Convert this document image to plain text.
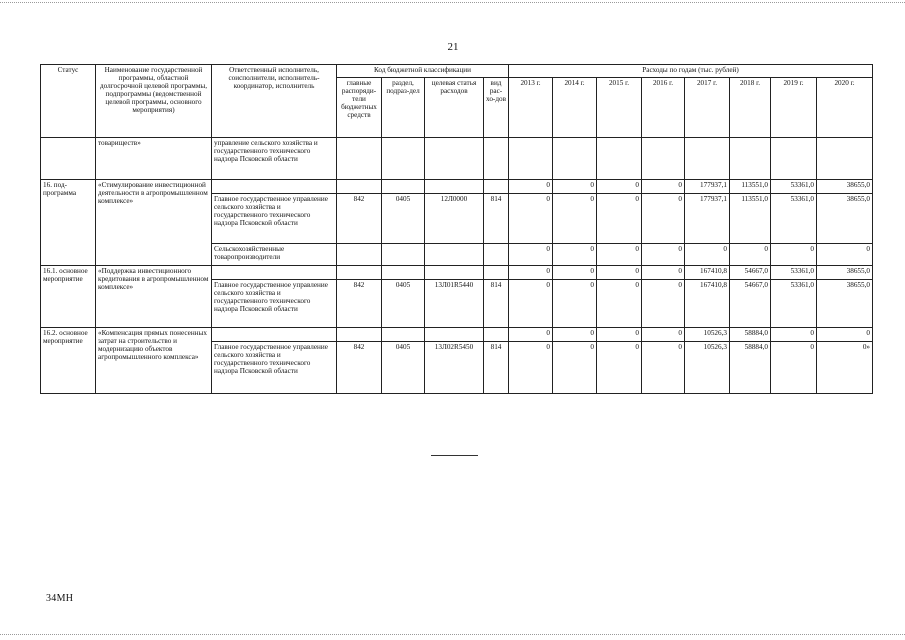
21
Статус	Наименование государственной программы, областной долгосрочной целевой программы, подпрограммы (ведомственной целевой программы, основного мероприятия)	Ответственный исполнитель, соисполнители, исполнитель-координатор, исполнитель	Код бюджетной классификации				Расходы по годам (тыс. рублей)							
			главные распоряди-тели бюджетных средств	раздел, подраз-дел	целевая статья расходов	вид рас-хо-дов	2013 г.	2014 г.	2015 г.	2016 г.	2017 г.	2018 г.	2019 г.	2020 г.
	товариществ»	управление сельского хозяйства и государственного технического надзора Псковской области												
16. под-программа	«Стимулирование инвестиционной деятельности в агропромышленном комплексе»						0	0	0	0	177937,1	113551,0	53361,0	38655,0
		Главное государственное управление сельского хозяйства и государственного технического надзора Псковской области	842	0405	12Л0000	814	0	0	0	0	177937,1	113551,0	53361,0	38655,0
		Сельскохозяйственные товаропроизводители					0	0	0	0	0	0	0	0
16.1. основное мероприятие	«Поддержка инвестиционного кредитования в агропромышленном комплексе»						0	0	0	0	167410,8	54667,0	53361,0	38655,0
		Главное государственное управление сельского хозяйства и государственного технического надзора Псковской области	842	0405	13Л01R5440	814	0	0	0	0	167410,8	54667,0	53361,0	38655,0
16.2. основное мероприятие	«Компенсация прямых понесенных затрат на строительство и модернизацию объектов агропромышленного комплекса»						0	0	0	0	10526,3	58884,0	0	0
		Главное государственное управление сельского хозяйства и государственного технического надзора Псковской области	842	0405	13Л02R5450	814	0	0	0	0	10526,3	58884,0	0	0»
34МН
